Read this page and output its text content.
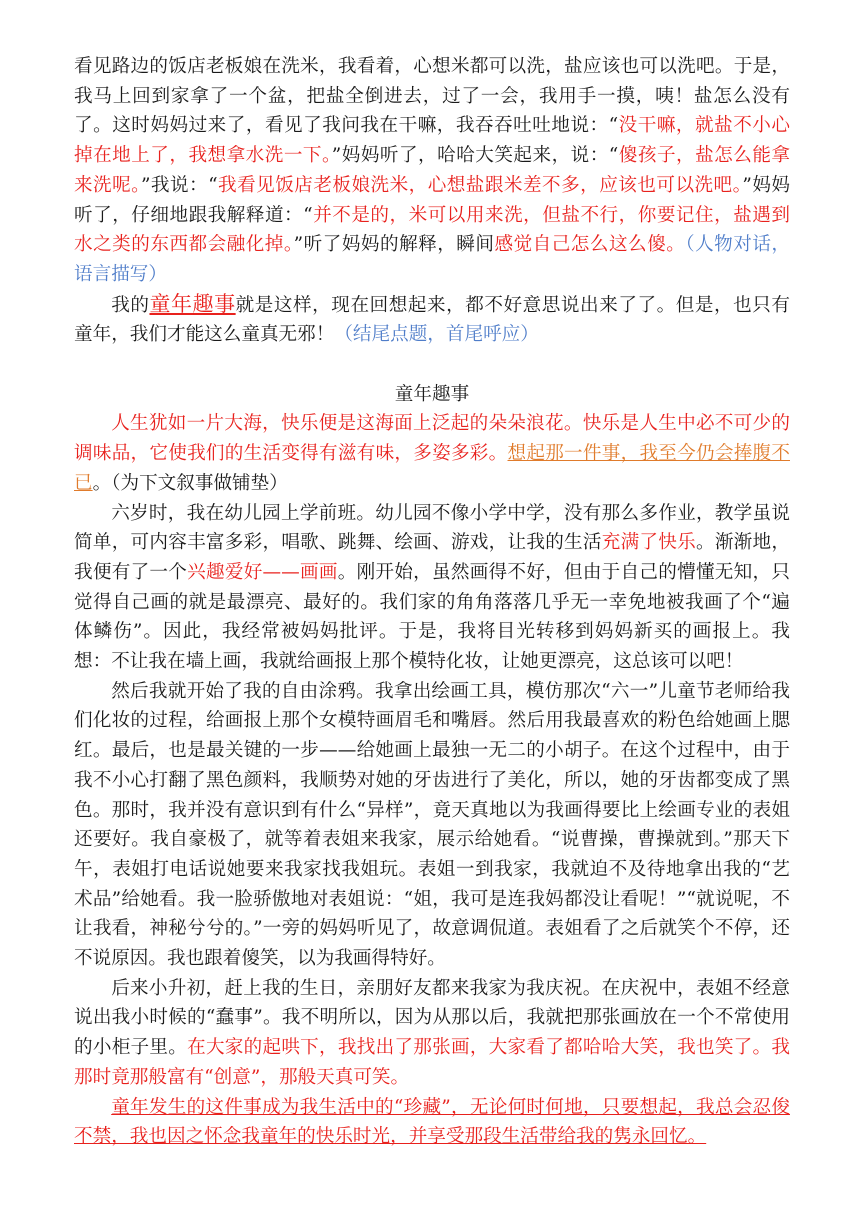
看见路边的饭店老板娘在洗米，我看着，心想米都可以洗，盐应该也可以洗吧。于是，我马上回到家拿了一个盆，把盐全倒进去，过了一会，我用手一摸，咦！盐怎么没有了。这时妈妈过来了，看见了我问我在干嘛，我吞吞吐吐地说：“没干嘛，就盐不小心掉在地上了，我想拿水洗一下。”妈妈听了，哈哈大笑起来，说：“傻孩子，盐怎么能拿来洗呢。”我说：“我看见饭店老板娘洗米，心想盐跟米差不多，应该也可以洗吧。”妈妈听了，仔细地跟我解释道：“并不是的，米可以用来洗，但盐不行，你要记住，盐遇到水之类的东西都会融化掉。”听了妈妈的解释，瞬间感觉自己怎么这么傻。（人物对话，语言描写）

我的童年趣事就是这样，现在回想起来，都不好意思说出来了了。但是，也只有童年，我们才能这么童真无邪！（结尾点题，首尾呼应）

童年趣事

人生犹如一片大海，快乐便是这海面上泛起的朵朵浪花。快乐是人生中必不可少的调味品，它使我们的生活变得有滋有味，多姿多彩。想起那一件事，我至今仍会捧腹不已。（为下文叙事做铺垫）

六岁时，我在幼儿园上学前班。幼儿园不像小学中学，没有那么多作业，教学虽说简单，可内容丰富多彩，唱歌、跳舞、绘画、游戏，让我的生活充满了快乐。渐渐地，我便有了一个兴趣爱好——画画。刚开始，虽然画得不好，但由于自己的懵懂无知，只觉得自己画的就是最漂亮、最好的。我们家的角角落落几乎无一幸免地被我画了个“遍体鳞伤”。因此，我经常被妈妈批评。于是，我将目光转移到妈妈新买的画报上。我想：不让我在墙上画，我就给画报上那个模特化妆，让她更漂亮，这总该可以吧！

然后我就开始了我的自由涂鸦。我拿出绘画工具，模仿那次“六一”儿童节老师给我们化妆的过程，给画报上那个女模特画眉毛和嘴唇。然后用我最喜欢的粉色给她画上腮红。最后，也是最关键的一步——给她画上最独一无二的小胡子。在这个过程中，由于我不小心打翻了黑色颜料，我顺势对她的牙齿进行了美化，所以，她的牙齿都变成了黑色。那时，我并没有意识到有什么“异样”，竟天真地以为我画得要比上绘画专业的表姐还要好。我自豪极了，就等着表姐来我家，展示给她看。“说曹操，曹操就到。”那天下午，表姐打电话说她要来我家找我姐玩。表姐一到我家，我就迫不及待地拿出我的“艺术品”给她看。我一脸骄傲地对表姐说：“姐，我可是连我妈都没让看呢！”“就说呢，不让我看，神秘兮兮的。”一旁的妈妈听见了，故意调侃道。表姐看了之后就笑个不停，还不说原因。我也跟着傻笑，以为我画得特好。

后来小升初，赶上我的生日，亲朋好友都来我家为我庆祝。在庆祝中，表姐不经意说出我小时候的“蠢事”。我不明所以，因为从那以后，我就把那张画放在一个不常使用的小柜子里。在大家的起哄下，我找出了那张画，大家看了都哈哈大笑，我也笑了。我那时竟那般富有“创意”，那般天真可笑。

童年发生的这件事成为我生活中的“珍藏”，无论何时何地，只要想起，我总会忍俊不禁，我也因之怀念我童年的快乐时光，并享受那段生活带给我的隽永回忆。
